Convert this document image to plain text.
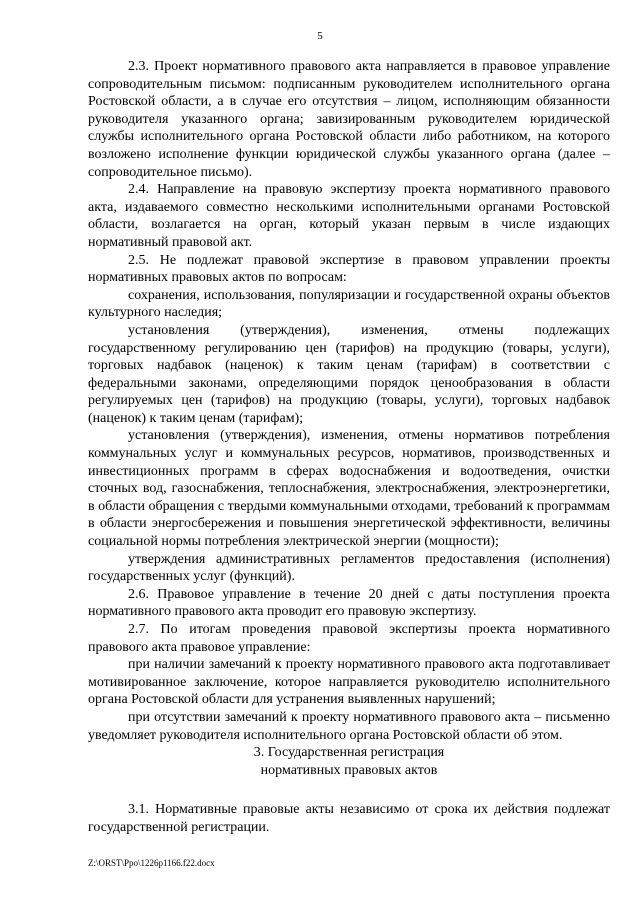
5

2.3. Проект нормативного правового акта направляется в правовое управление сопроводительным письмом: подписанным руководителем исполнительного органа Ростовской области, а в случае его отсутствия – лицом, исполняющим обязанности руководителя указанного органа; завизированным руководителем юридической службы исполнительного органа Ростовской области либо работником, на которого возложено исполнение функции юридической службы указанного органа (далее – сопроводительное письмо).

2.4. Направление на правовую экспертизу проекта нормативного правового акта, издаваемого совместно несколькими исполнительными органами Ростовской области, возлагается на орган, который указан первым в числе издающих нормативный правовой акт.

2.5. Не подлежат правовой экспертизе в правовом управлении проекты нормативных правовых актов по вопросам:

сохранения, использования, популяризации и государственной охраны объектов культурного наследия;

установления (утверждения), изменения, отмены подлежащих государственному регулированию цен (тарифов) на продукцию (товары, услуги), торговых надбавок (наценок) к таким ценам (тарифам) в соответствии с федеральными законами, определяющими порядок ценообразования в области регулируемых цен (тарифов) на продукцию (товары, услуги), торговых надбавок (наценок) к таким ценам (тарифам);

установления (утверждения), изменения, отмены нормативов потребления коммунальных услуг и коммунальных ресурсов, нормативов, производственных и инвестиционных программ в сферах водоснабжения и водоотведения, очистки сточных вод, газоснабжения, теплоснабжения, электроснабжения, электроэнергетики, в области обращения с твердыми коммунальными отходами, требований к программам в области энергосбережения и повышения энергетической эффективности, величины социальной нормы потребления электрической энергии (мощности);

утверждения административных регламентов предоставления (исполнения) государственных услуг (функций).

2.6. Правовое управление в течение 20 дней с даты поступления проекта нормативного правового акта проводит его правовую экспертизу.

2.7. По итогам проведения правовой экспертизы проекта нормативного правового акта правовое управление:

при наличии замечаний к проекту нормативного правового акта подготавливает мотивированное заключение, которое направляется руководителю исполнительного органа Ростовской области для устранения выявленных нарушений;

при отсутствии замечаний к проекту нормативного правового акта – письменно уведомляет руководителя исполнительного органа Ростовской области об этом.

3. Государственная регистрация
нормативных правовых актов

3.1. Нормативные правовые акты независимо от срока их действия подлежат государственной регистрации.

Z:\ORST\Ppo\1226p1166.f22.docx
